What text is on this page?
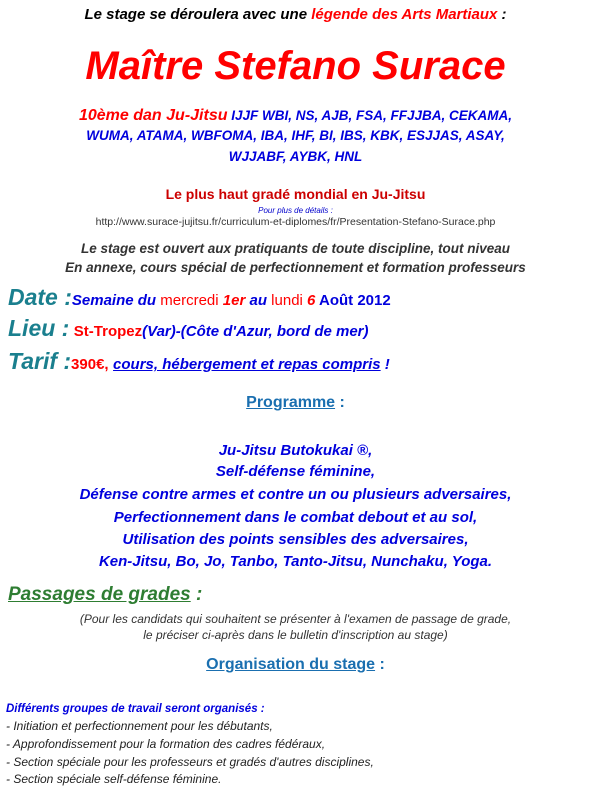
Le stage se déroulera avec une légende des Arts Martiaux :
Maître Stefano Surace
10ème dan Ju-Jitsu IJJF WBI, NS, AJB, FSA, FFJJBA, CEKAMA,
WUMA, ATAMA, WBFOMA, IBA, IHF, BI, IBS, KBK, ESJJAS, ASAY,
WJJABF, AYBK, HNL
Le plus haut gradé mondial en Ju-Jitsu
Pour plus de détails :
http://www.surace-jujitsu.fr/curriculum-et-diplomes/fr/Presentation-Stefano-Surace.php
Le stage est ouvert aux pratiquants de toute discipline, tout niveau
En annexe, cours spécial de perfectionnement et formation professeurs
Date :Semaine du mercredi 1er au lundi 6 Août 2012
Lieu : St-Tropez(Var)-(Côte d'Azur, bord de mer)
Tarif :390€, cours, hébergement et repas compris !
Programme :
Ju-Jitsu Butokukai ®,
Self-défense féminine,
Défense contre armes et contre un ou plusieurs adversaires,
Perfectionnement dans le combat debout et au sol,
Utilisation des points sensibles des adversaires,
Ken-Jitsu, Bo, Jo, Tanbo, Tanto-Jitsu, Nunchaku, Yoga.
Passages de grades :
(Pour les candidats qui souhaitent se présenter à l'examen de passage de grade,
le préciser ci-après dans le bulletin d'inscription au stage)
Organisation du stage :
Différents groupes de travail seront organisés :
- Initiation et perfectionnement pour les débutants,
- Approfondissement pour la formation des cadres fédéraux,
- Section spéciale pour les professeurs et gradés d'autres disciplines,
- Section spéciale self-défense féminine.
